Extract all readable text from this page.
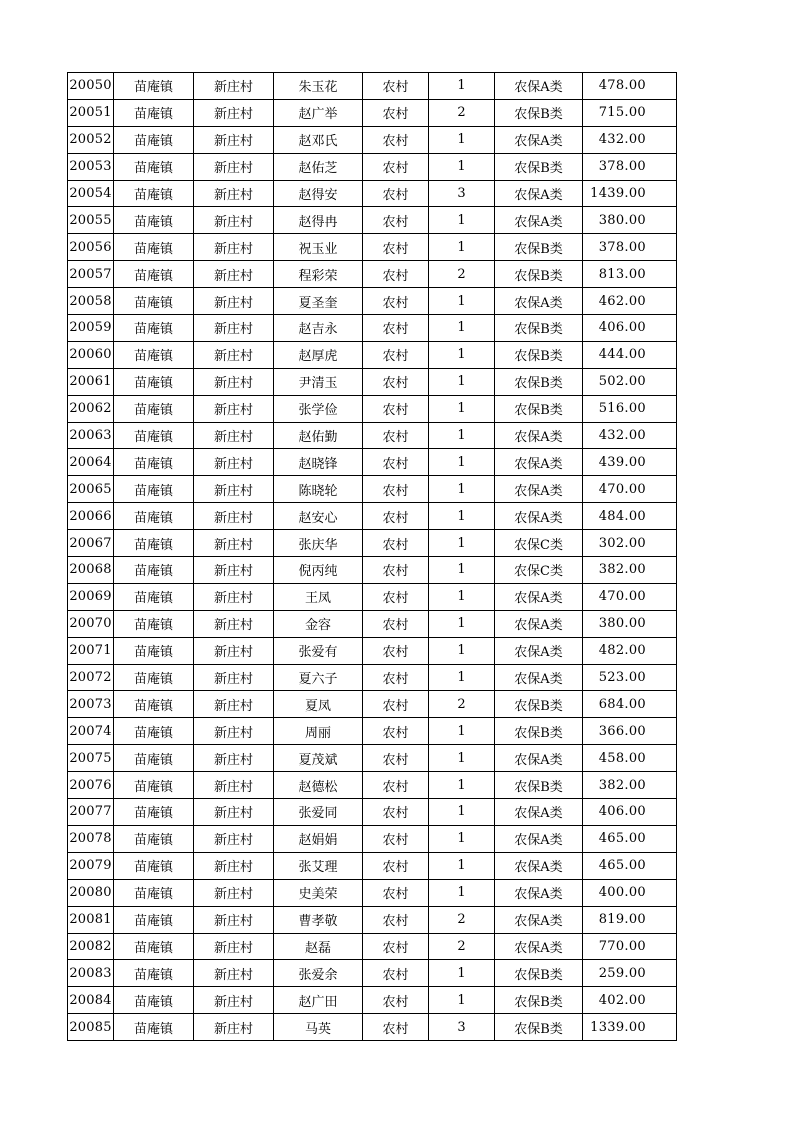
20050	苗庵镇	新庄村	朱玉花	农村	1	农保A类	478.00
20051	苗庵镇	新庄村	赵广举	农村	2	农保B类	715.00
20052	苗庵镇	新庄村	赵邓氏	农村	1	农保A类	432.00
20053	苗庵镇	新庄村	赵佑芝	农村	1	农保B类	378.00
20054	苗庵镇	新庄村	赵得安	农村	3	农保A类	1439.00
20055	苗庵镇	新庄村	赵得冉	农村	1	农保A类	380.00
20056	苗庵镇	新庄村	祝玉业	农村	1	农保B类	378.00
20057	苗庵镇	新庄村	程彩荣	农村	2	农保B类	813.00
20058	苗庵镇	新庄村	夏圣奎	农村	1	农保A类	462.00
20059	苗庵镇	新庄村	赵吉永	农村	1	农保B类	406.00
20060	苗庵镇	新庄村	赵厚虎	农村	1	农保B类	444.00
20061	苗庵镇	新庄村	尹清玉	农村	1	农保B类	502.00
20062	苗庵镇	新庄村	张学俭	农村	1	农保B类	516.00
20063	苗庵镇	新庄村	赵佑勤	农村	1	农保A类	432.00
20064	苗庵镇	新庄村	赵晓锋	农村	1	农保A类	439.00
20065	苗庵镇	新庄村	陈晓轮	农村	1	农保A类	470.00
20066	苗庵镇	新庄村	赵安心	农村	1	农保A类	484.00
20067	苗庵镇	新庄村	张庆华	农村	1	农保C类	302.00
20068	苗庵镇	新庄村	倪丙纯	农村	1	农保C类	382.00
20069	苗庵镇	新庄村	王凤	农村	1	农保A类	470.00
20070	苗庵镇	新庄村	金容	农村	1	农保A类	380.00
20071	苗庵镇	新庄村	张爱有	农村	1	农保A类	482.00
20072	苗庵镇	新庄村	夏六子	农村	1	农保A类	523.00
20073	苗庵镇	新庄村	夏凤	农村	2	农保B类	684.00
20074	苗庵镇	新庄村	周丽	农村	1	农保B类	366.00
20075	苗庵镇	新庄村	夏茂斌	农村	1	农保A类	458.00
20076	苗庵镇	新庄村	赵德松	农村	1	农保B类	382.00
20077	苗庵镇	新庄村	张爱同	农村	1	农保A类	406.00
20078	苗庵镇	新庄村	赵娟娟	农村	1	农保A类	465.00
20079	苗庵镇	新庄村	张艾理	农村	1	农保A类	465.00
20080	苗庵镇	新庄村	史美荣	农村	1	农保A类	400.00
20081	苗庵镇	新庄村	曹孝敬	农村	2	农保A类	819.00
20082	苗庵镇	新庄村	赵磊	农村	2	农保A类	770.00
20083	苗庵镇	新庄村	张爱余	农村	1	农保B类	259.00
20084	苗庵镇	新庄村	赵广田	农村	1	农保B类	402.00
20085	苗庵镇	新庄村	马英	农村	3	农保B类	1339.00
